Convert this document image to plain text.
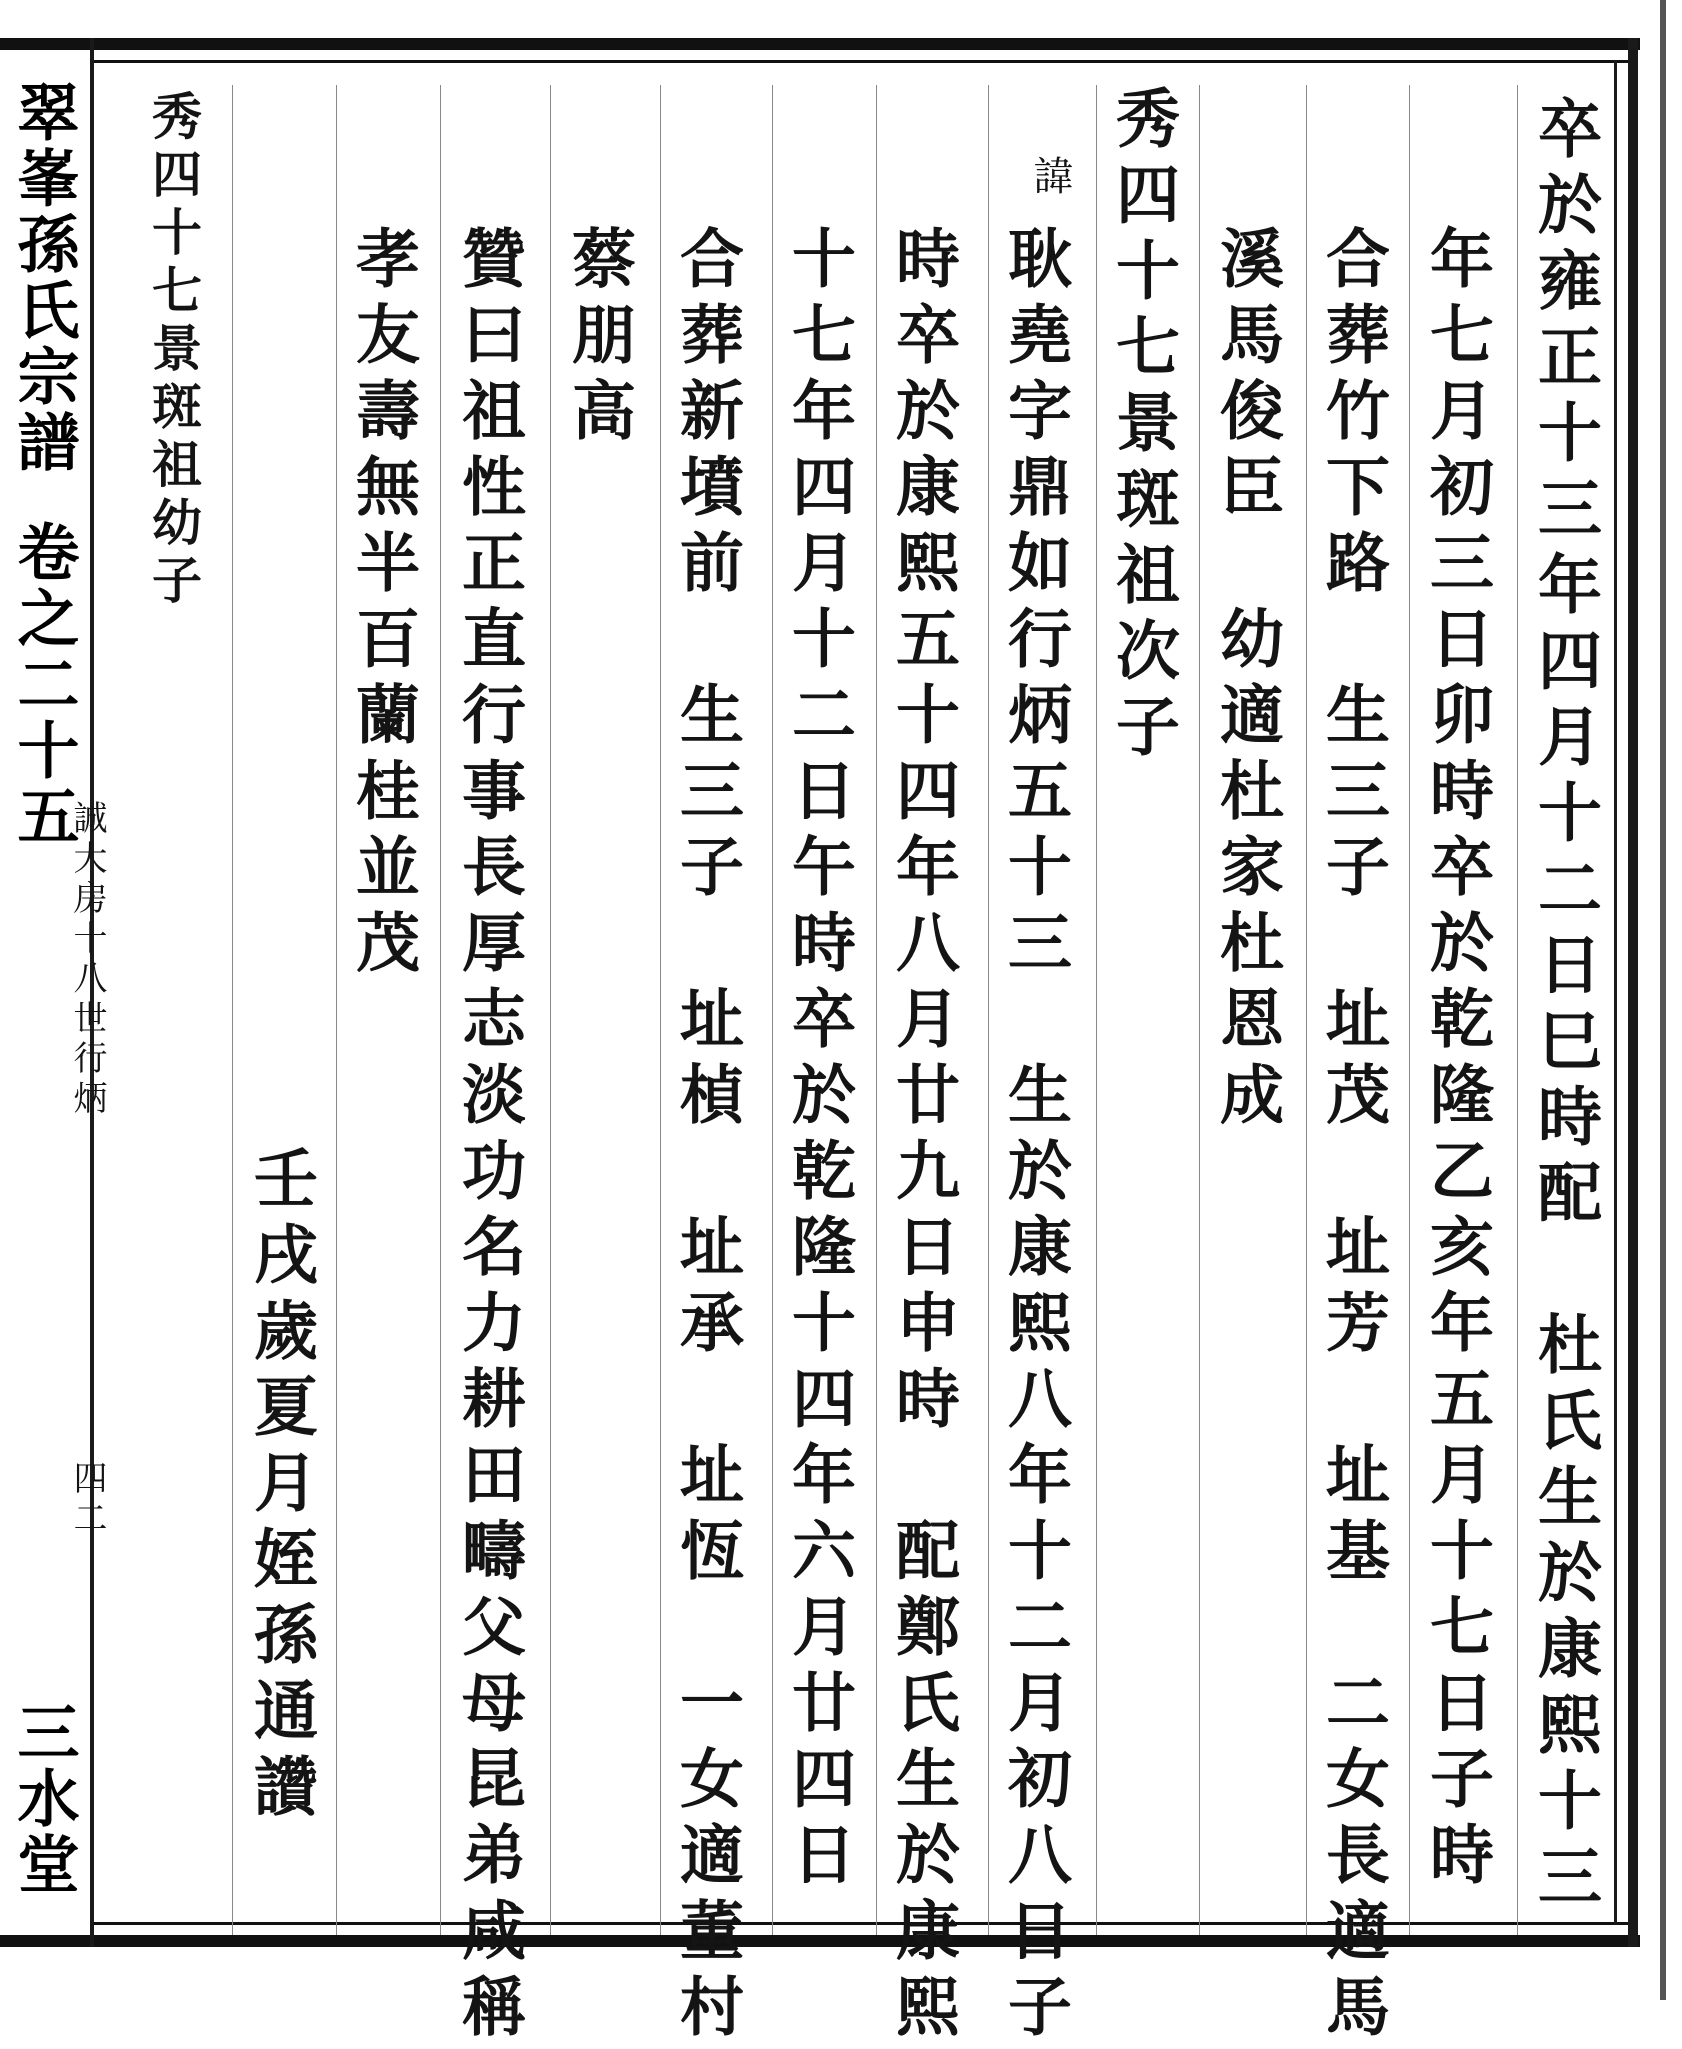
翠峯孫氏宗譜
卷之二十五
誠大房十八世行炳
四二
三水堂	卒於雍正十三年四月十二日巳時配　杜氏生於康熙十三
年七月初三日卯時卒於乾隆乙亥年五月十七日子時
合葬竹下路　生三子　址茂　址芳　址基　二女長適馬
溪馬俊臣　幼適杜家杜恩成
秀四十七景斑祖次子
諱
耿堯字鼎如行炳五十三　生於康熙八年十二月初八日子
時卒於康熙五十四年八月廿九日申時　配鄭氏生於康熙
十七年四月十二日午時卒於乾隆十四年六月廿四日
合葬新墳前　生三子　址楨　址承　址恆　一女適董村
蔡朋高
贊曰祖性正直行事長厚志淡功名力耕田疇父母昆弟咸稱
孝友壽無半百蘭桂並茂
壬戌歲夏月姪孫通讚
秀四十七景斑祖幼子
